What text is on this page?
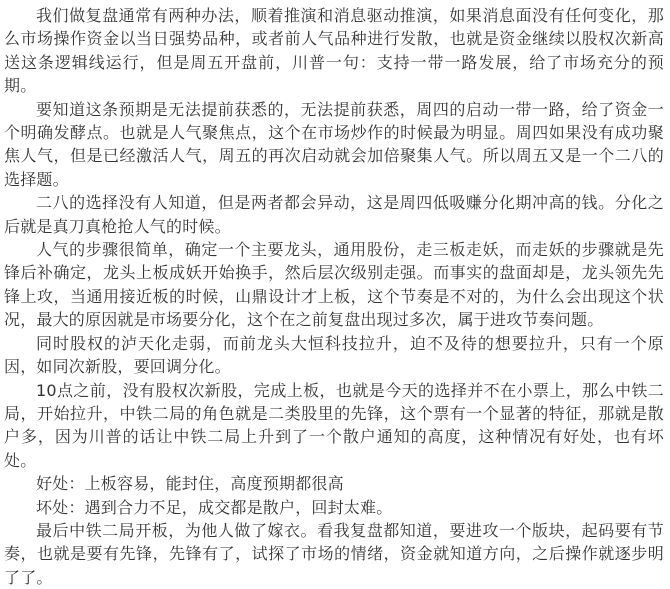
我们做复盘通常有两种办法，顺着推演和消息驱动推演，如果消息面没有任何变化，那么市场操作资金以当日强势品种，或者前人气品种进行发散，也就是资金继续以股权次新高送这条逻辑线运行，但是周五开盘前，川普一句：支持一带一路发展，给了市场充分的预期。

要知道这条预期是无法提前获悉的，无法提前获悉，周四的启动一带一路，给了资金一个明确发酵点。也就是人气聚焦点，这个在市场炒作的时候最为明显。周四如果没有成功聚焦人气，但是已经激活人气，周五的再次启动就会加倍聚集人气。所以周五又是一个二八的选择题。

二八的选择没有人知道，但是两者都会异动，这是周四低吸赚分化期冲高的钱。分化之后就是真刀真枪抢人气的时候。

人气的步骤很简单，确定一个主要龙头，通用股份，走三板走妖，而走妖的步骤就是先锋后补确定，龙头上板成妖开始换手，然后层次级别走强。而事实的盘面却是，龙头领先先锋上攻，当通用接近板的时候，山鼎设计才上板，这个节奏是不对的，为什么会出现这个状况，最大的原因就是市场要分化，这个在之前复盘出现过多次，属于进攻节奏问题。

同时股权的泸天化走弱，而前龙头大恒科技拉升，迫不及待的想要拉升，只有一个原因，如同次新股，要回调分化。

10点之前，没有股权次新股，完成上板，也就是今天的选择并不在小票上，那么中铁二局，开始拉升，中铁二局的角色就是二类股里的先锋，这个票有一个显著的特征，那就是散户多，因为川普的话让中铁二局上升到了一个散户通知的高度，这种情况有好处，也有坏处。

好处：上板容易，能封住，高度预期都很高

坏处：遇到合力不足，成交都是散户，回封太难。

最后中铁二局开板，为他人做了嫁衣。看我复盘都知道，要进攻一个版块，起码要有节奏，也就是要有先锋，先锋有了，试探了市场的情绪，资金就知道方向，之后操作就逐步明了了。
